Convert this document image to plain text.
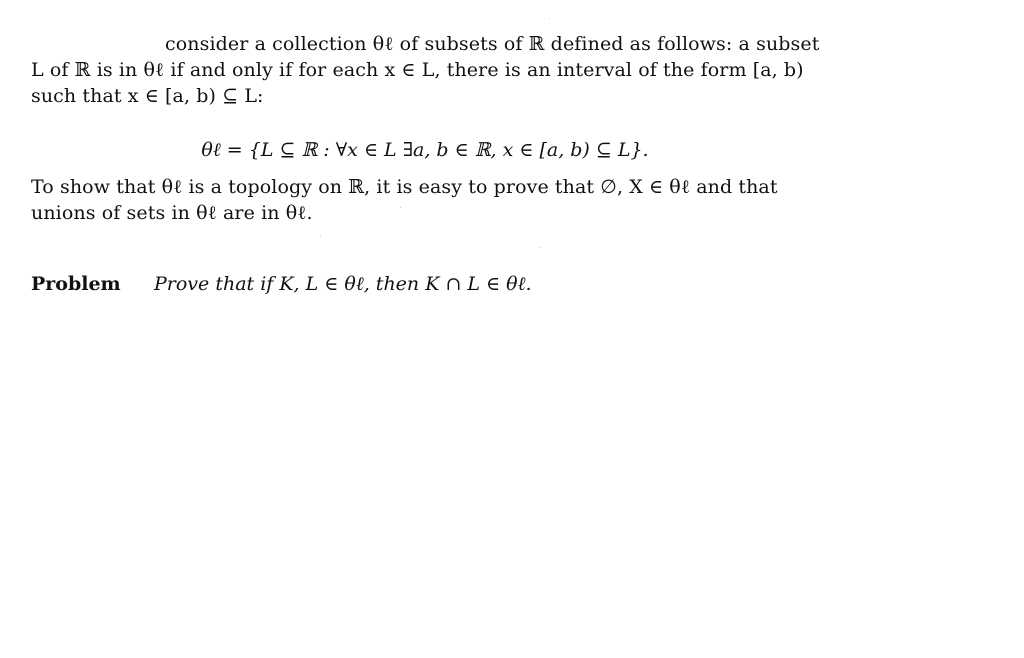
consider a collection θℓ of subsets of ℝ defined as follows: a subset L of ℝ is in θℓ if and only if for each x ∈ L, there is an interval of the form [a, b) such that x ∈ [a, b) ⊆ L:

θℓ = {L ⊆ ℝ : ∀x ∈ L ∃a, b ∈ ℝ, x ∈ [a, b) ⊆ L}.

To show that θℓ is a topology on ℝ, it is easy to prove that ∅, X ∈ θℓ and that unions of sets in θℓ are in θℓ.

Problem Prove that if K, L ∈ θℓ, then K ∩ L ∈ θℓ.
